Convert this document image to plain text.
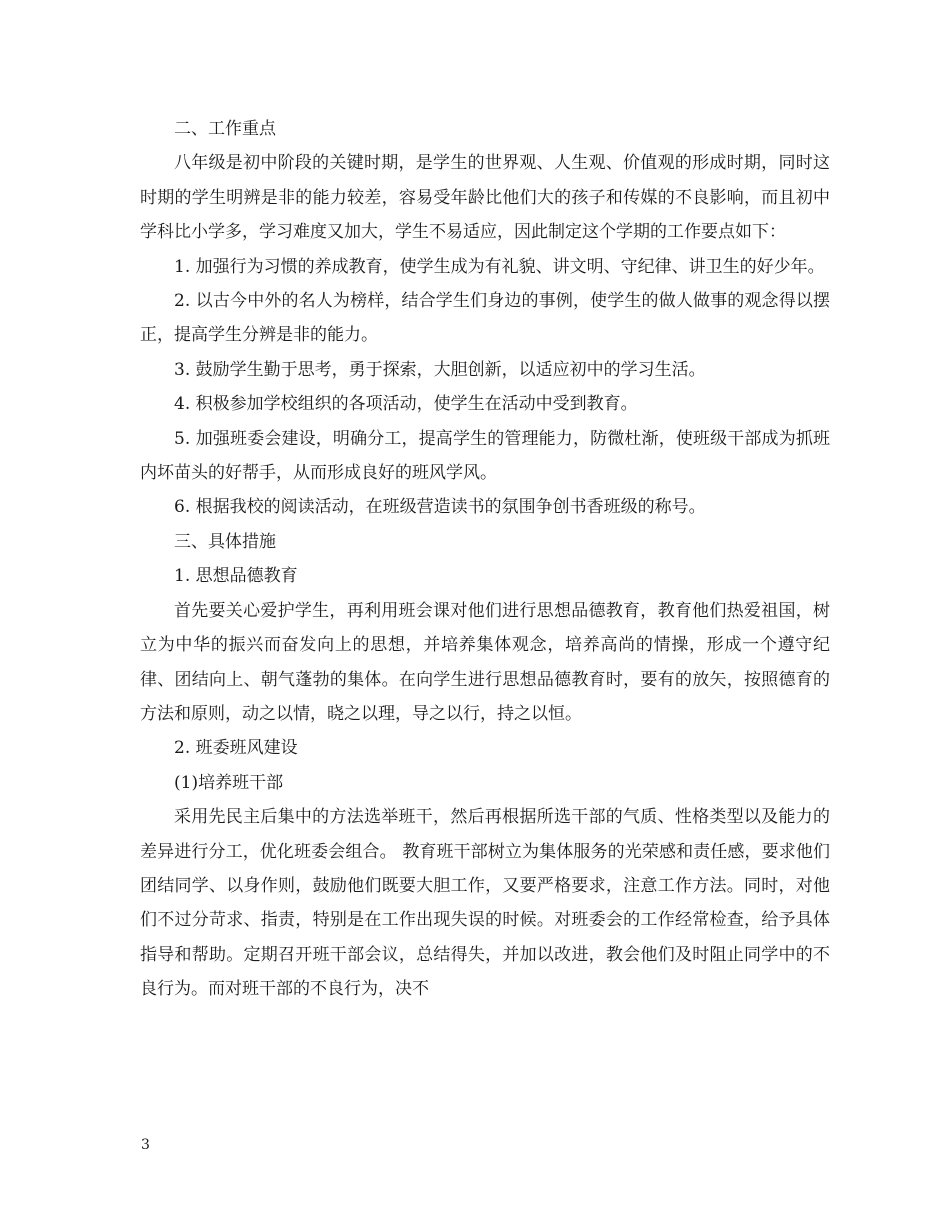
二、工作重点

八年级是初中阶段的关键时期，是学生的世界观、人生观、价值观的形成时期，同时这时期的学生明辨是非的能力较差，容易受年龄比他们大的孩子和传媒的不良影响，而且初中学科比小学多，学习难度又加大，学生不易适应，因此制定这个学期的工作要点如下：

1. 加强行为习惯的养成教育，使学生成为有礼貌、讲文明、守纪律、讲卫生的好少年。

2. 以古今中外的名人为榜样，结合学生们身边的事例，使学生的做人做事的观念得以摆正，提高学生分辨是非的能力。

3. 鼓励学生勤于思考，勇于探索，大胆创新，以适应初中的学习生活。

4. 积极参加学校组织的各项活动，使学生在活动中受到教育。

5. 加强班委会建设，明确分工，提高学生的管理能力，防微杜渐，使班级干部成为抓班内坏苗头的好帮手，从而形成良好的班风学风。

6. 根据我校的阅读活动，在班级营造读书的氛围争创书香班级的称号。

三、具体措施

1. 思想品德教育

首先要关心爱护学生，再利用班会课对他们进行思想品德教育，教育他们热爱祖国，树立为中华的振兴而奋发向上的思想，并培养集体观念，培养高尚的情操，形成一个遵守纪律、团结向上、朝气蓬勃的集体。在向学生进行思想品德教育时，要有的放矢，按照德育的方法和原则，动之以情，晓之以理，导之以行，持之以恒。

2. 班委班风建设

(1)培养班干部

采用先民主后集中的方法选举班干，然后再根据所选干部的气质、性格类型以及能力的差异进行分工，优化班委会组合。 教育班干部树立为集体服务的光荣感和责任感，要求他们团结同学、以身作则，鼓励他们既要大胆工作，又要严格要求，注意工作方法。同时，对他们不过分苛求、指责，特别是在工作出现失误的时候。对班委会的工作经常检查，给予具体指导和帮助。定期召开班干部会议，总结得失，并加以改进，教会他们及时阻止同学中的不良行为。而对班干部的不良行为，决不

3
